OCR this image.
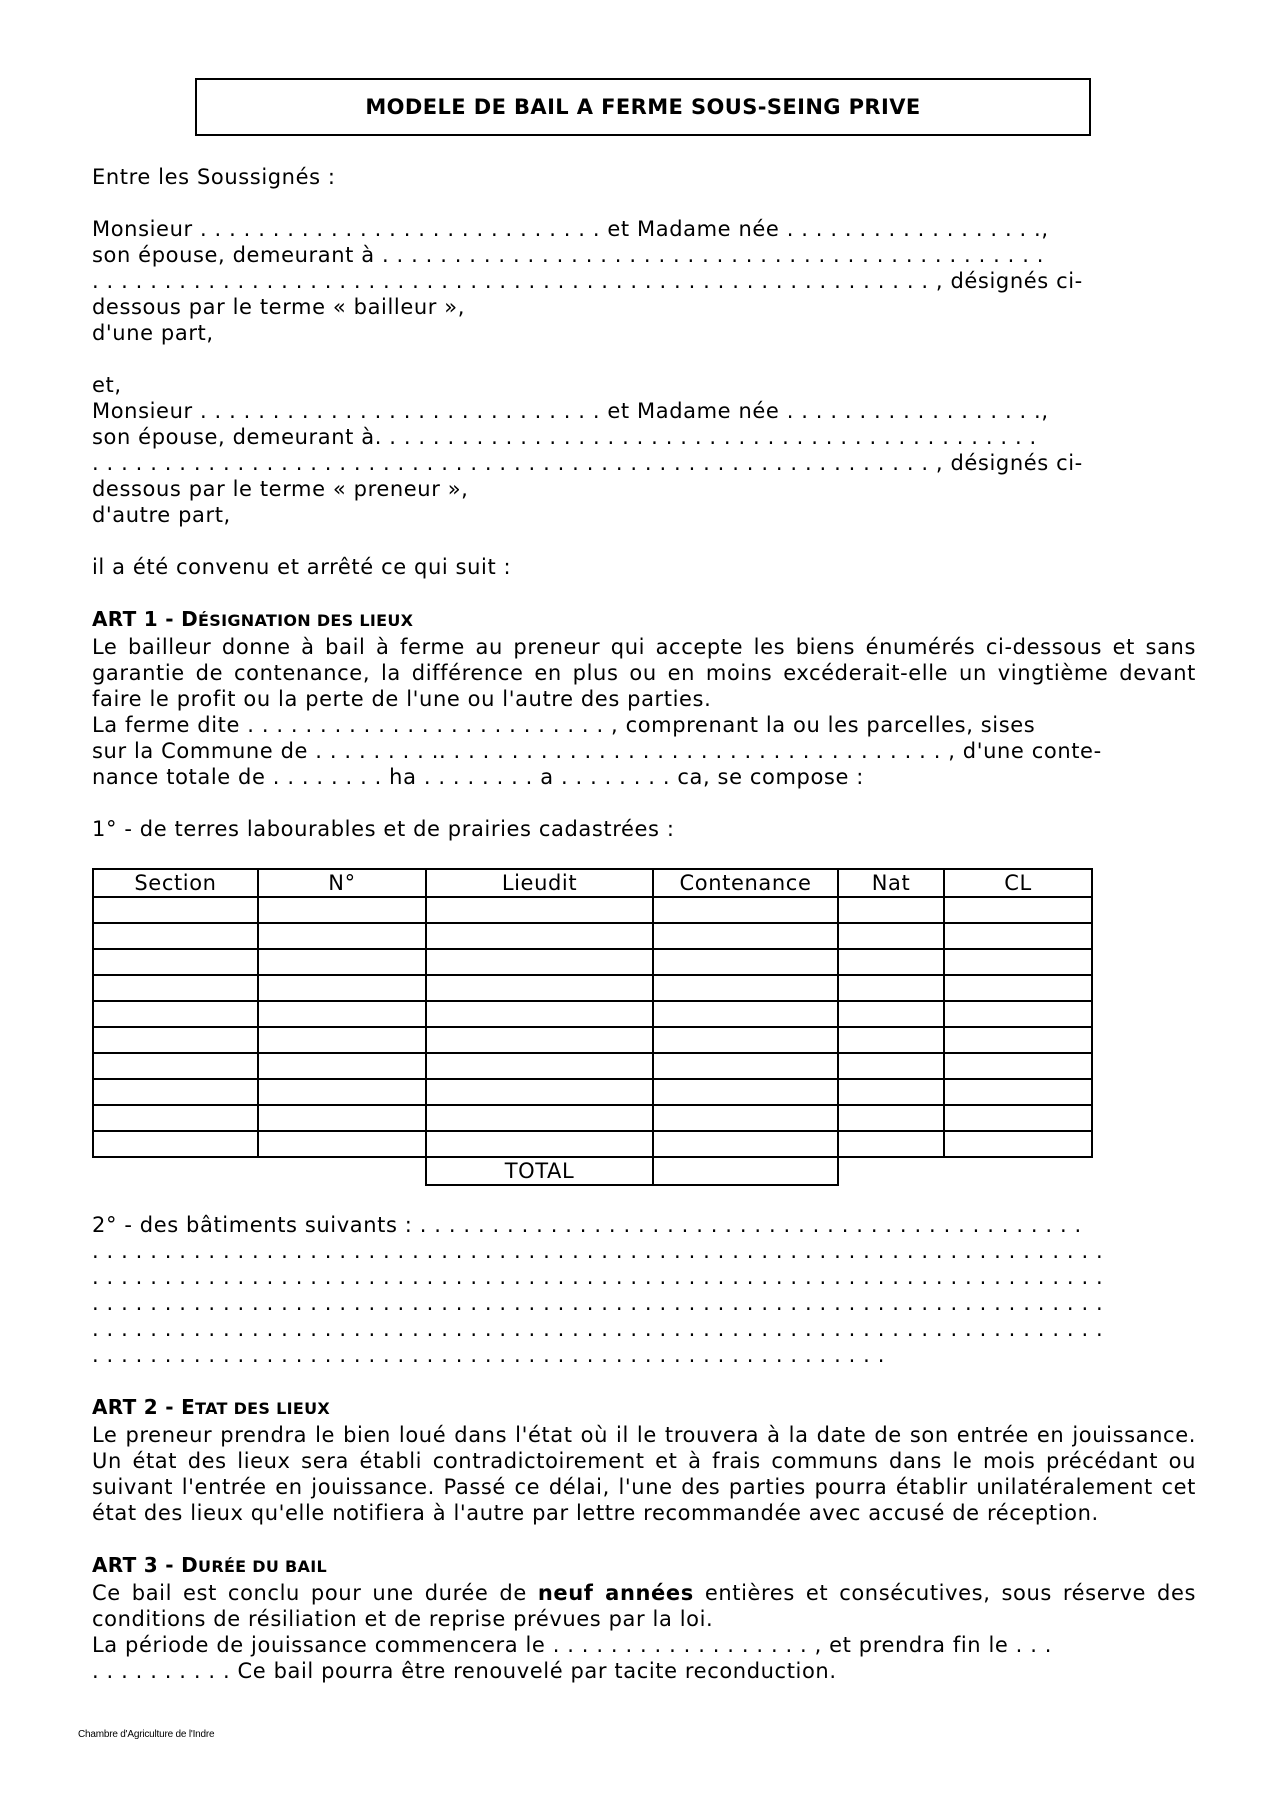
MODELE DE BAIL A FERME SOUS-SEING PRIVE

Entre les Soussignés :

Monsieur . . . . . . . . . . . . . . . . . . . . . . . . . . . . et Madame née . . . . . . . . . . . . . . . . . .,

son épouse, demeurant à . . . . . . . . . . . . . . . . . . . . . . . . . . . . . . . . . . . . . . . . . . . . . .

. . . . . . . . . . . . . . . . . . . . . . . . . . . . . . . . . . . . . . . . . . . . . . . . . . . . . . . . . . , désignés ci-

dessous par le terme « bailleur »,

d'une part,

et,

Monsieur . . . . . . . . . . . . . . . . . . . . . . . . . . . . et Madame née . . . . . . . . . . . . . . . . . .,

son épouse, demeurant à. . . . . . . . . . . . . . . . . . . . . . . . . . . . . . . . . . . . . . . . . . . . . .

. . . . . . . . . . . . . . . . . . . . . . . . . . . . . . . . . . . . . . . . . . . . . . . . . . . . . . . . . . , désignés ci-

dessous par le terme « preneur »,

d'autre part,

il a été convenu et arrêté ce qui suit :

ART 1 - DÉSIGNATION DES LIEUX

Le bailleur donne à bail à ferme au preneur qui accepte les biens énumérés ci-dessous et sans garantie de contenance, la différence en plus ou en moins excéderait-elle un vingtième devant faire le profit ou la perte de l'une ou l'autre des parties.

La ferme dite . . . . . . . . . . . . . . . . . . . . . . . . . , comprenant la ou les parcelles, sises

sur la Commune de . . . . . . . . .. . . . . . . . . . . . . . . . . . . . . . . . . . . . . . . . . . . , d'une conte-

nance totale de . . . . . . . . ha . . . . . . . . a . . . . . . . . ca, se compose :

1° - de terres labourables et de prairies cadastrées :

Section	N°	Lieudit	Contenance	Nat	CL

		TOTAL			

2° - des bâtiments suivants : . . . . . . . . . . . . . . . . . . . . . . . . . . . . . . . . . . . . . . . . . . . . . .

. . . . . . . . . . . . . . . . . . . . . . . . . . . . . . . . . . . . . . . . . . . . . . . . . . . . . . . . . . . . . . . . . . . . . .

. . . . . . . . . . . . . . . . . . . . . . . . . . . . . . . . . . . . . . . . . . . . . . . . . . . . . . . . . . . . . . . . . . . . . .

. . . . . . . . . . . . . . . . . . . . . . . . . . . . . . . . . . . . . . . . . . . . . . . . . . . . . . . . . . . . . . . . . . . . . .

. . . . . . . . . . . . . . . . . . . . . . . . . . . . . . . . . . . . . . . . . . . . . . . . . . . . . . . . . . . . . . . . . . . . . .

. . . . . . . . . . . . . . . . . . . . . . . . . . . . . . . . . . . . . . . . . . . . . . . . . . . . . . .

ART 2 - ETAT DES LIEUX

Le preneur prendra le bien loué dans l'état où il le trouvera à la date de son entrée en jouissance. Un état des lieux sera établi contradictoirement et à frais communs dans le mois précédant ou suivant l'entrée en jouissance. Passé ce délai, l'une des parties pourra établir unilatéralement cet état des lieux qu'elle notifiera à l'autre par lettre recommandée avec accusé de réception.

ART 3 - DURÉE DU BAIL

Ce bail est conclu pour une durée de neuf années entières et consécutives, sous réserve des conditions de résiliation et de reprise prévues par la loi.

La période de jouissance commencera le . . . . . . . . . . . . . . . . . . , et prendra fin le . . .

. . . . . . . . . . Ce bail pourra être renouvelé par tacite reconduction.

Chambre d'Agriculture de l'Indre
